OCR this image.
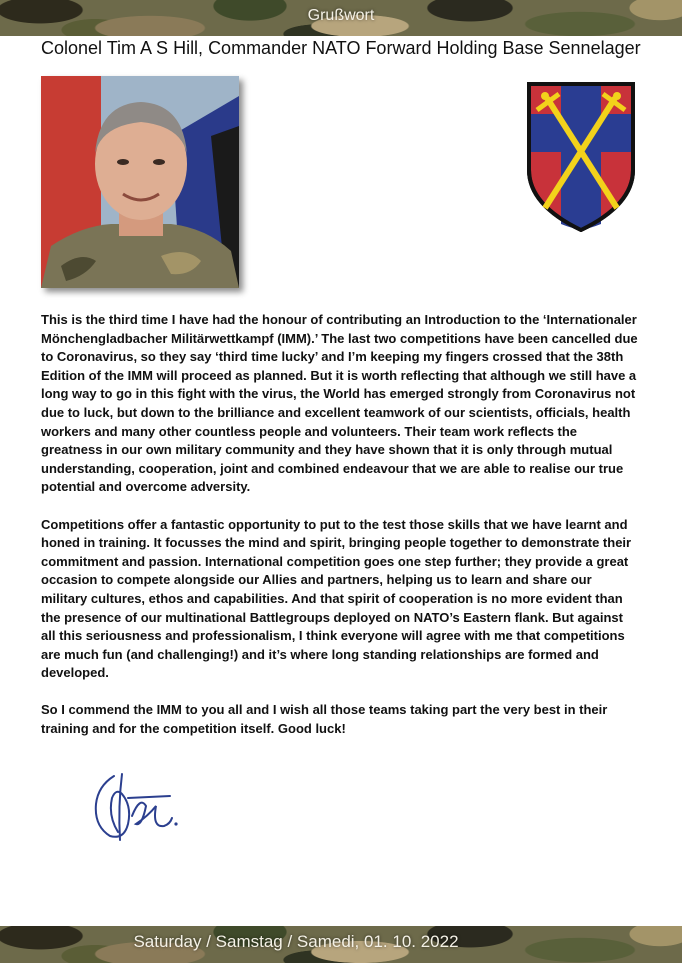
Grußwort
Colonel Tim A S Hill, Commander NATO Forward Holding Base Sennelager

This is the third time I have had the honour of contributing an Introduction to the ‘Internationaler Mönchengladbacher Militärwettkampf (IMM).’ The last two competitions have been cancelled due to Coronavirus, so they say ‘third time lucky’ and I’m keeping my fingers crossed that the 38th Edition of the IMM will proceed as planned. But it is worth reflecting that although we still have a long way to go in this fight with the virus, the World has emerged strongly from Coronavirus not due to luck, but down to the brilliance and excellent teamwork of our scientists, officials, health workers and many other countless people and volunteers. Their team work reflects the greatness in our own military community and they have shown that it is only through mutual understanding, cooperation, joint and combined endeavour that we are able to realise our true potential and overcome adversity.

Competitions offer a fantastic opportunity to put to the test those skills that we have learnt and honed in training. It focusses the mind and spirit, bringing people together to demonstrate their commitment and passion. International competition goes one step further; they provide a great occasion to compete alongside our Allies and partners, helping us to learn and share our military cultures, ethos and capabilities. And that spirit of cooperation is no more evident than the presence of our multinational Battlegroups deployed on NATO’s Eastern flank. But against all this seriousness and professionalism, I think everyone will agree with me that competitions are much fun (and challenging!) and it’s where long standing relationships are formed and developed.

So I commend the IMM to you all and I wish all those teams taking part the very best in their training and for the competition itself. Good luck!

Saturday / Samstag / Samedi, 01. 10. 2022
